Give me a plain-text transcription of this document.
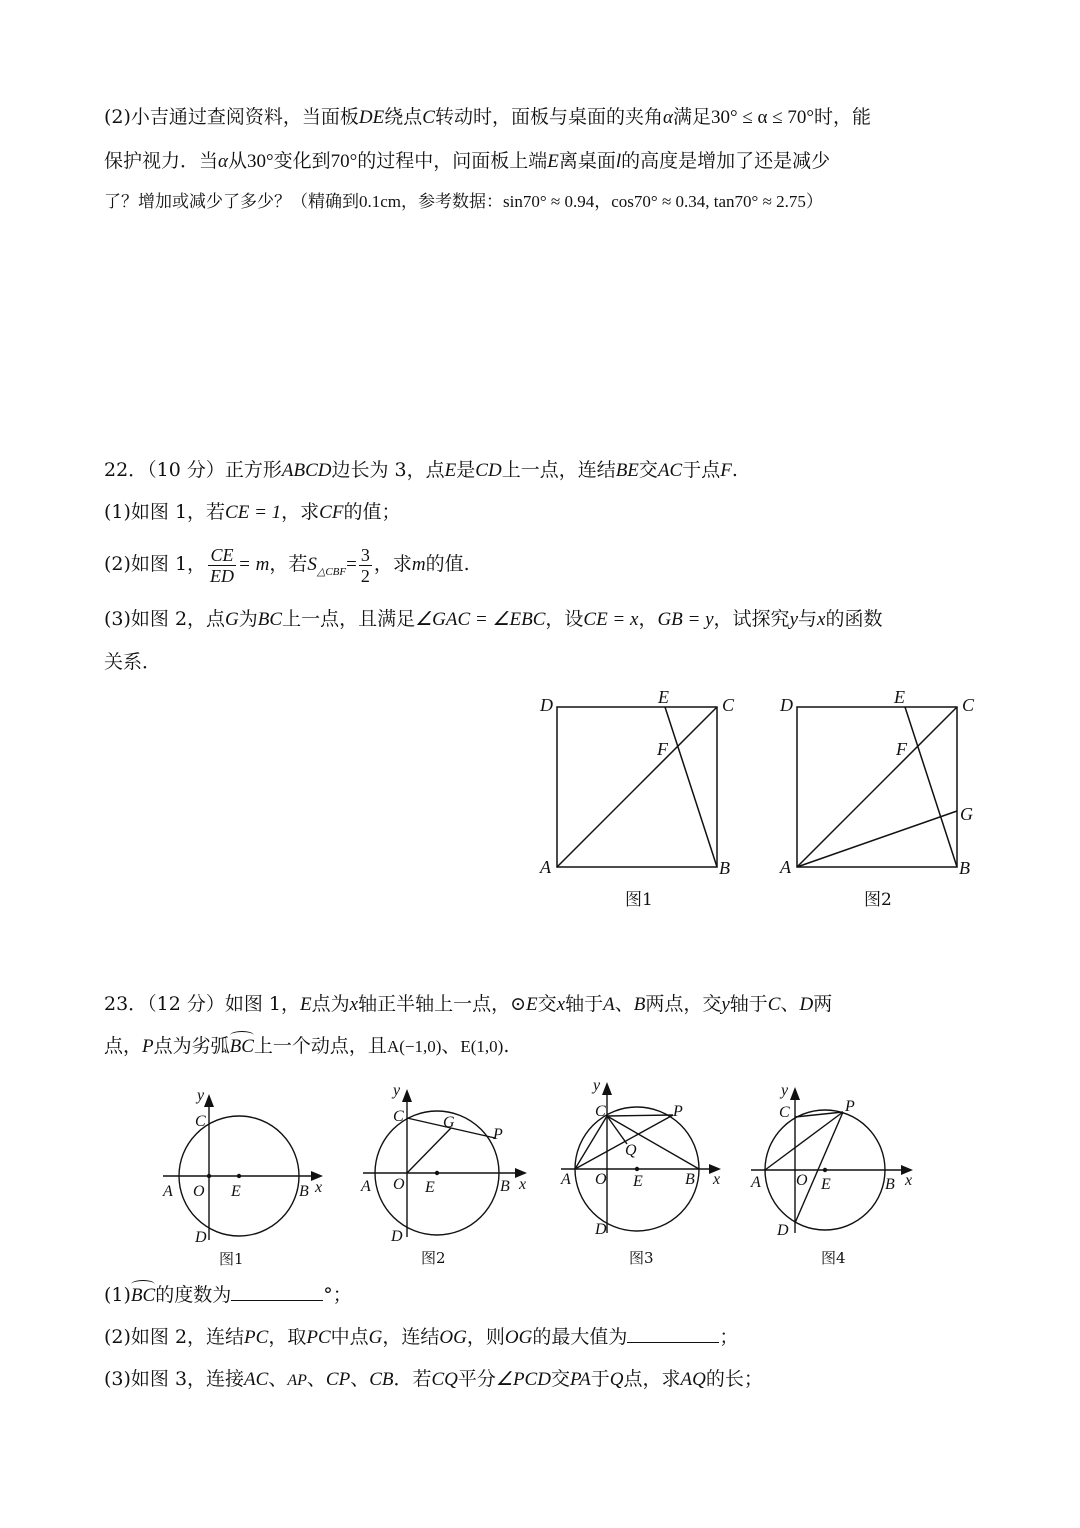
(2)小吉通过查阅资料，当面板DE绕点C转动时，面板与桌面的夹角α满足30° ≤ α ≤ 70°时，能
保护视力．当α从30°变化到70°的过程中，问面板上端E离桌面l的高度是增加了还是减少
了？增加或减少了多少？（精确到0.1cm，参考数据：sin70° ≈ 0.94，cos70° ≈ 0.34, tan70° ≈ 2.75）
22．（10 分）正方形ABCD边长为 3，点E是CD上一点，连结BE交AC于点F.
(1)如图 1，若CE = 1，求CF的值；
(2)如图 1， $\frac{CE}{ED} = m$，若$S_{\triangle CBF}= \frac{3}{2}$ ，求m的值.
(3)如图 2，点G为BC上一点，且满足∠GAC = ∠EBC，设CE = x，GB = y，试探究y与x的函数
关系．
D	E	C
F
A	B
图1
D	E	C
F
G
A	B
图2
23．（12 分）如图 1，E点为x轴正半轴上一点，⊙E交x轴于A、B两点，交y轴于C、D两
点，P点为劣弧BC上一个动点，且A(−1,0)、E(1,0).
y
C
A O E	B x
D
图1
y
C G
P
A O E	B x
D
图2
y
C	P
Q
A O E	B x
D
图3
y
C	P
A O E	B x
D
图4
(1)BC的度数为	°；
(2)如图 2，连结PC，取PC中点G，连结OG，则OG的最大值为	；
(3)如图 3，连接AC、AP、CP、CB．若CQ平分∠PCD交PA于Q点，求AQ的长；
